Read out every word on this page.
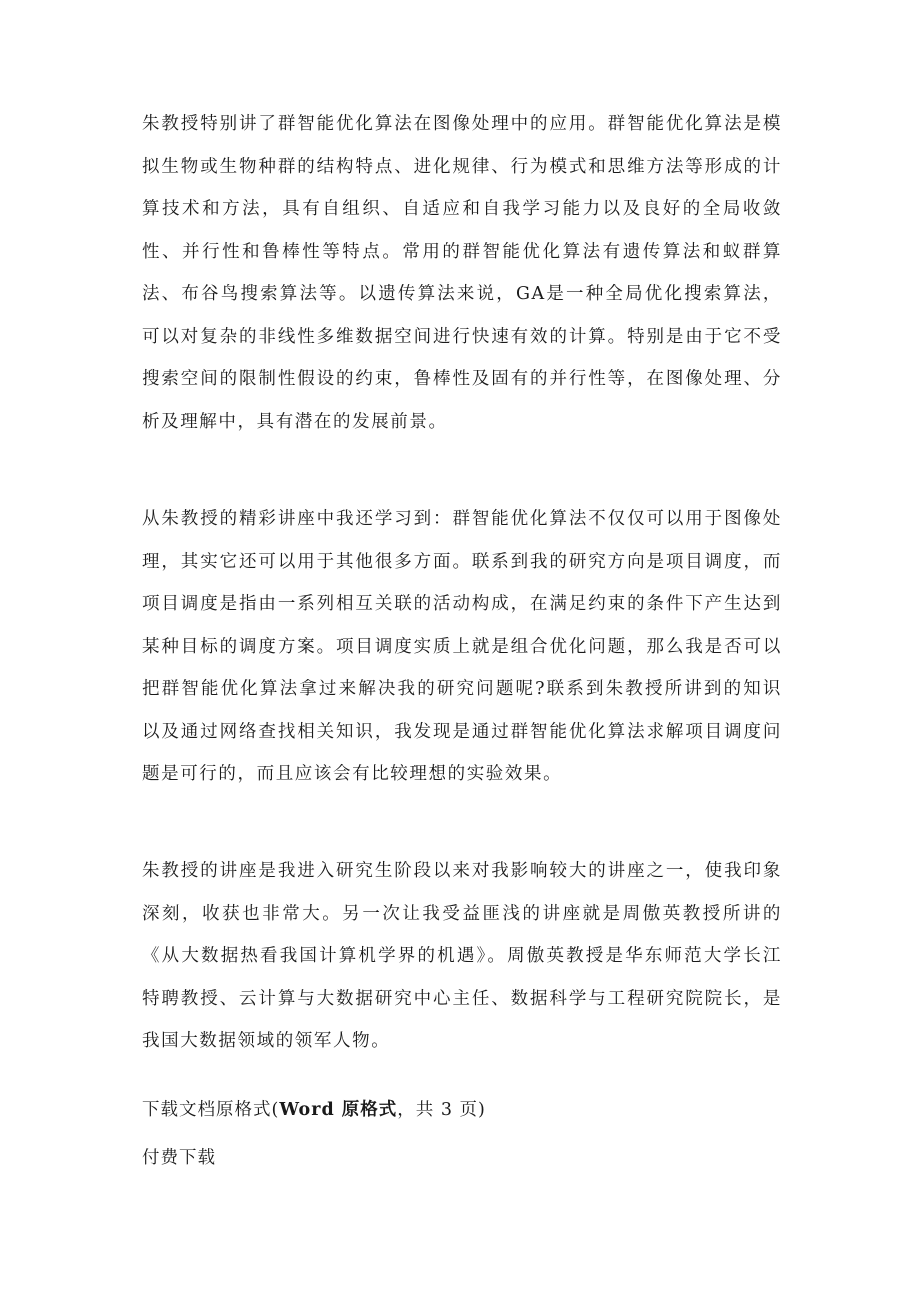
朱教授特别讲了群智能优化算法在图像处理中的应用。群智能优化算法是模拟生物或生物种群的结构特点、进化规律、行为模式和思维方法等形成的计算技术和方法，具有自组织、自适应和自我学习能力以及良好的全局收敛性、并行性和鲁棒性等特点。常用的群智能优化算法有遗传算法和蚁群算法、布谷鸟搜索算法等。以遗传算法来说，GA是一种全局优化搜索算法，可以对复杂的非线性多维数据空间进行快速有效的计算。特别是由于它不受搜索空间的限制性假设的约束，鲁棒性及固有的并行性等，在图像处理、分析及理解中，具有潜在的发展前景。

从朱教授的精彩讲座中我还学习到：群智能优化算法不仅仅可以用于图像处理，其实它还可以用于其他很多方面。联系到我的研究方向是项目调度，而项目调度是指由一系列相互关联的活动构成，在满足约束的条件下产生达到某种目标的调度方案。项目调度实质上就是组合优化问题，那么我是否可以把群智能优化算法拿过来解决我的研究问题呢?联系到朱教授所讲到的知识以及通过网络查找相关知识，我发现是通过群智能优化算法求解项目调度问题是可行的，而且应该会有比较理想的实验效果。

朱教授的讲座是我进入研究生阶段以来对我影响较大的讲座之一，使我印象深刻，收获也非常大。另一次让我受益匪浅的讲座就是周傲英教授所讲的《从大数据热看我国计算机学界的机遇》。周傲英教授是华东师范大学长江特聘教授、云计算与大数据研究中心主任、数据科学与工程研究院院长，是我国大数据领域的领军人物。

下载文档原格式(Word 原格式，共 3 页)
付费下载
